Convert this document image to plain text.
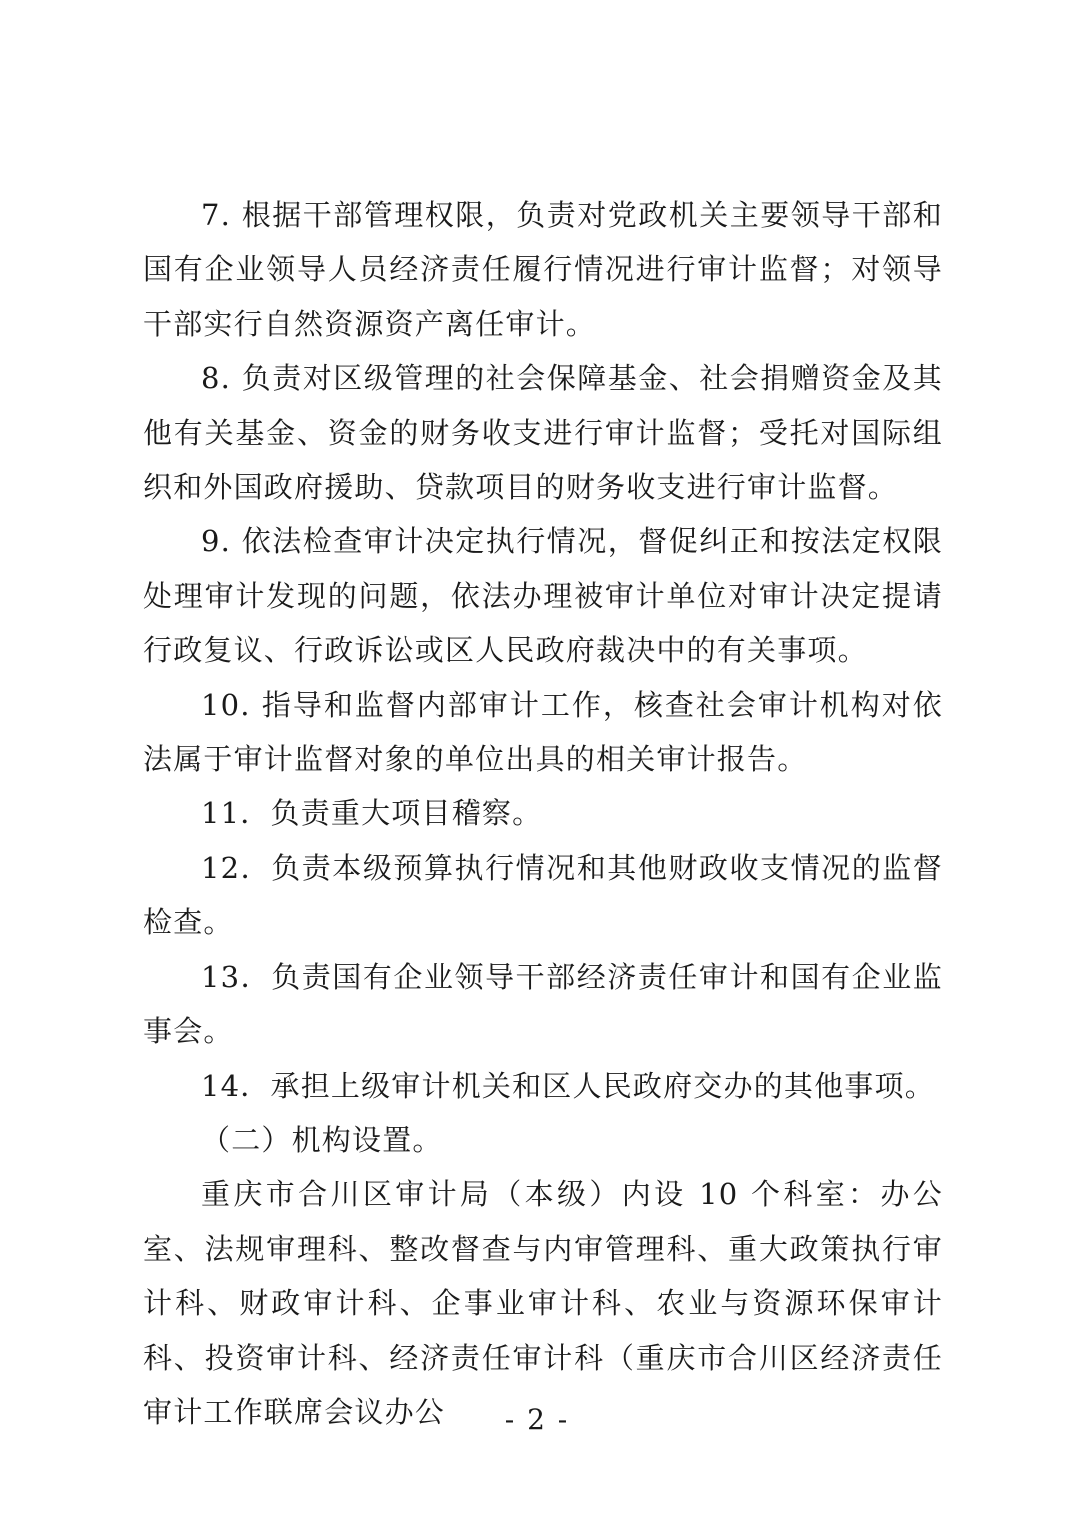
7. 根据干部管理权限，负责对党政机关主要领导干部和国有企业领导人员经济责任履行情况进行审计监督；对领导干部实行自然资源资产离任审计。

8. 负责对区级管理的社会保障基金、社会捐赠资金及其他有关基金、资金的财务收支进行审计监督；受托对国际组织和外国政府援助、贷款项目的财务收支进行审计监督。

9. 依法检查审计决定执行情况，督促纠正和按法定权限处理审计发现的问题，依法办理被审计单位对审计决定提请行政复议、行政诉讼或区人民政府裁决中的有关事项。

10. 指导和监督内部审计工作，核查社会审计机构对依法属于审计监督对象的单位出具的相关审计报告。

11．负责重大项目稽察。

12．负责本级预算执行情况和其他财政收支情况的监督检查。

13．负责国有企业领导干部经济责任审计和国有企业监事会。

14．承担上级审计机关和区人民政府交办的其他事项。

（二）机构设置。

重庆市合川区审计局（本级）内设 10 个科室：办公室、法规审理科、整改督查与内审管理科、重大政策执行审计科、财政审计科、企事业审计科、农业与资源环保审计科、投资审计科、经济责任审计科（重庆市合川区经济责任审计工作联席会议办公	- 2 -
